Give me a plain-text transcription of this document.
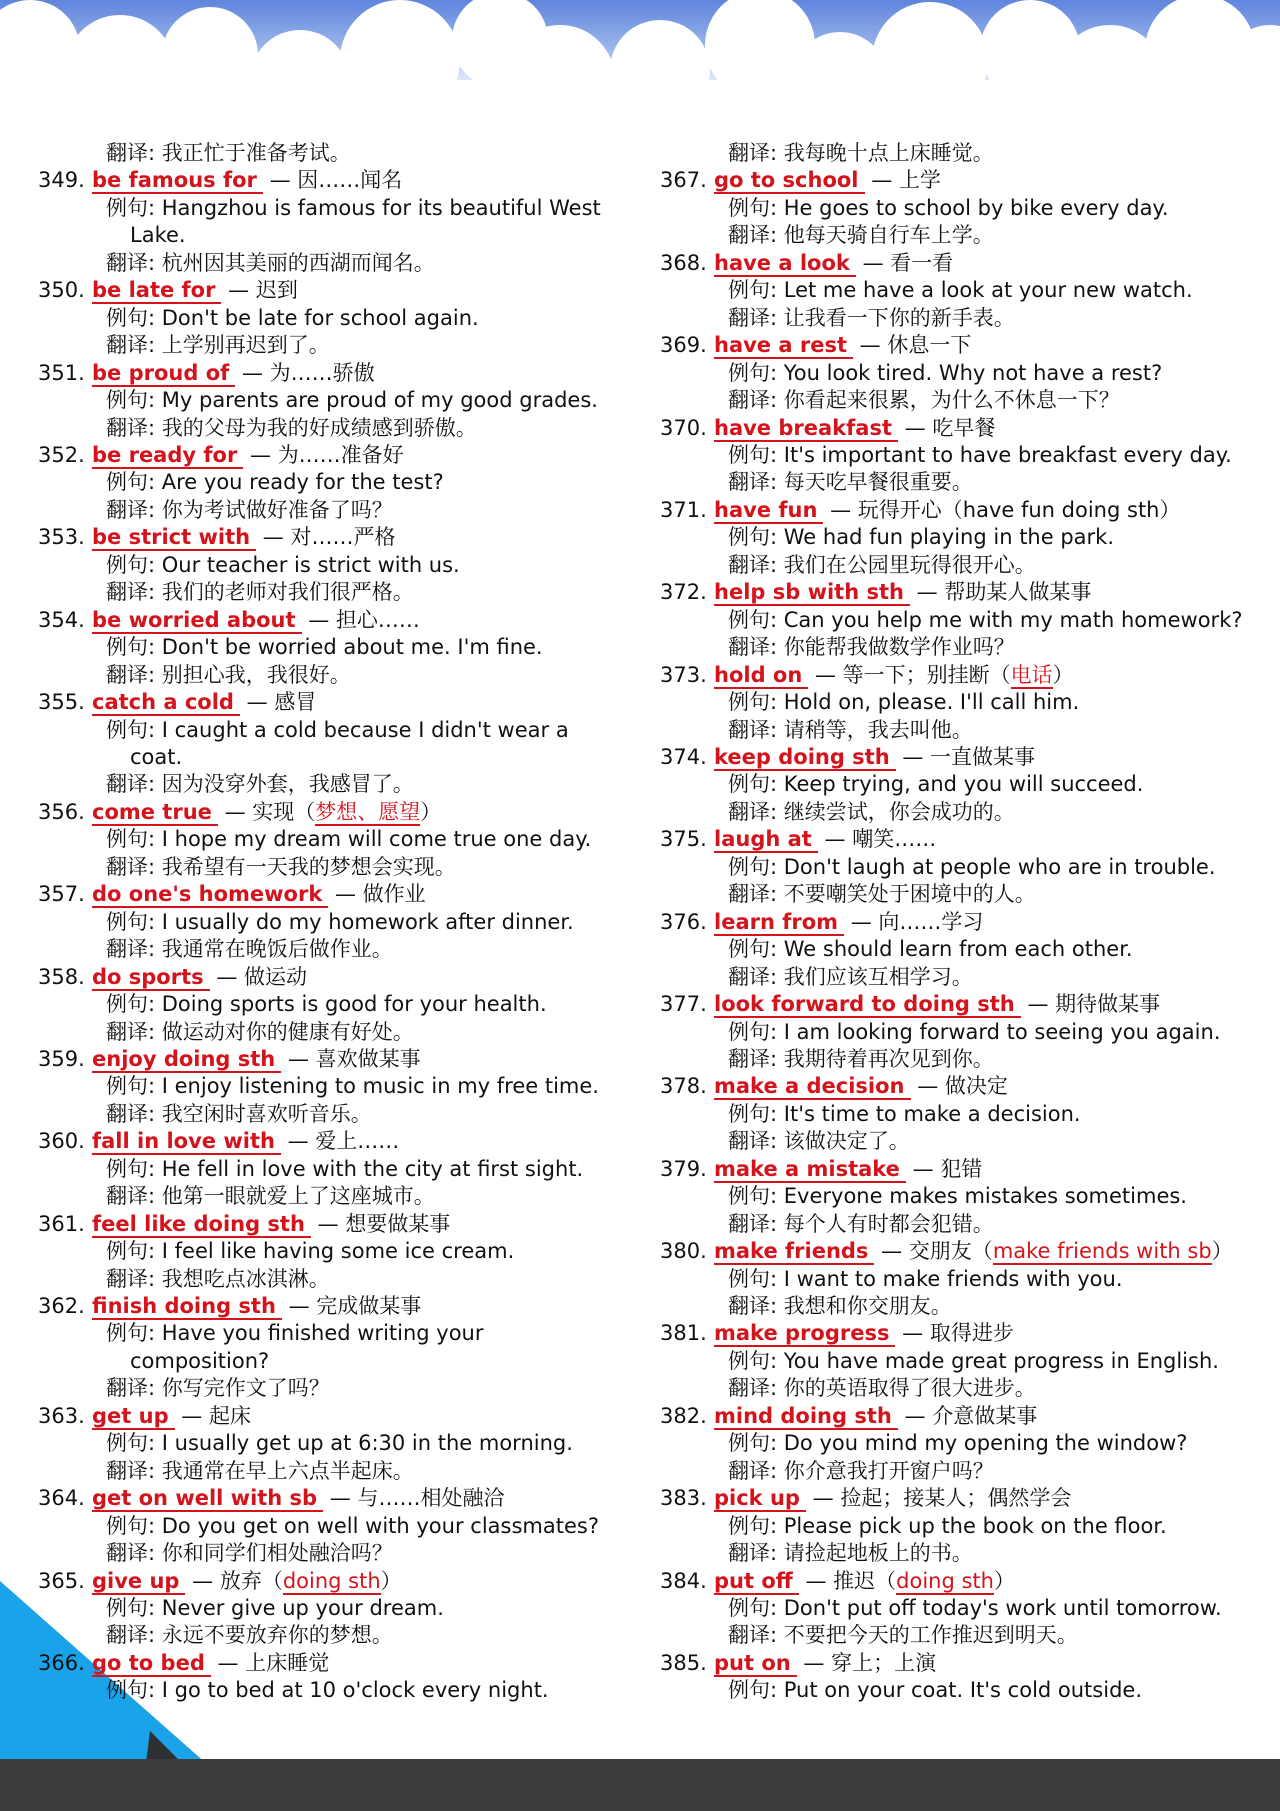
翻译: 我正忙于准备考试。
349. be famous for — 因……闻名
例句: Hangzhou is famous for its beautiful West
Lake.
翻译: 杭州因其美丽的西湖而闻名。
350. be late for — 迟到
例句: Don't be late for school again.
翻译: 上学别再迟到了。
351. be proud of — 为……骄傲
例句: My parents are proud of my good grades.
翻译: 我的父母为我的好成绩感到骄傲。
352. be ready for — 为……准备好
例句: Are you ready for the test?
翻译: 你为考试做好准备了吗？
353. be strict with — 对……严格
例句: Our teacher is strict with us.
翻译: 我们的老师对我们很严格。
354. be worried about — 担心……
例句: Don't be worried about me. I'm fine.
翻译: 别担心我，我很好。
355. catch a cold — 感冒
例句: I caught a cold because I didn't wear a
coat.
翻译: 因为没穿外套，我感冒了。
356. come true — 实现（梦想、愿望）
例句: I hope my dream will come true one day.
翻译: 我希望有一天我的梦想会实现。
357. do one's homework — 做作业
例句: I usually do my homework after dinner.
翻译: 我通常在晚饭后做作业。
358. do sports — 做运动
例句: Doing sports is good for your health.
翻译: 做运动对你的健康有好处。
359. enjoy doing sth — 喜欢做某事
例句: I enjoy listening to music in my free time.
翻译: 我空闲时喜欢听音乐。
360. fall in love with — 爱上……
例句: He fell in love with the city at first sight.
翻译: 他第一眼就爱上了这座城市。
361. feel like doing sth — 想要做某事
例句: I feel like having some ice cream.
翻译: 我想吃点冰淇淋。
362. finish doing sth — 完成做某事
例句: Have you finished writing your
composition?
翻译: 你写完作文了吗？
363. get up — 起床
例句: I usually get up at 6:30 in the morning.
翻译: 我通常在早上六点半起床。
364. get on well with sb — 与……相处融洽
例句: Do you get on well with your classmates?
翻译: 你和同学们相处融洽吗？
365. give up — 放弃（doing sth）
例句: Never give up your dream.
翻译: 永远不要放弃你的梦想。
366. go to bed — 上床睡觉
例句: I go to bed at 10 o'clock every night.
翻译: 我每晚十点上床睡觉。
367. go to school — 上学
例句: He goes to school by bike every day.
翻译: 他每天骑自行车上学。
368. have a look — 看一看
例句: Let me have a look at your new watch.
翻译: 让我看一下你的新手表。
369. have a rest — 休息一下
例句: You look tired. Why not have a rest?
翻译: 你看起来很累，为什么不休息一下？
370. have breakfast — 吃早餐
例句: It's important to have breakfast every day.
翻译: 每天吃早餐很重要。
371. have fun — 玩得开心（have fun doing sth）
例句: We had fun playing in the park.
翻译: 我们在公园里玩得很开心。
372. help sb with sth — 帮助某人做某事
例句: Can you help me with my math homework?
翻译: 你能帮我做数学作业吗？
373. hold on — 等一下；别挂断（电话）
例句: Hold on, please. I'll call him.
翻译: 请稍等，我去叫他。
374. keep doing sth — 一直做某事
例句: Keep trying, and you will succeed.
翻译: 继续尝试，你会成功的。
375. laugh at — 嘲笑……
例句: Don't laugh at people who are in trouble.
翻译: 不要嘲笑处于困境中的人。
376. learn from — 向……学习
例句: We should learn from each other.
翻译: 我们应该互相学习。
377. look forward to doing sth — 期待做某事
例句: I am looking forward to seeing you again.
翻译: 我期待着再次见到你。
378. make a decision — 做决定
例句: It's time to make a decision.
翻译: 该做决定了。
379. make a mistake — 犯错
例句: Everyone makes mistakes sometimes.
翻译: 每个人有时都会犯错。
380. make friends — 交朋友（make friends with sb）
例句: I want to make friends with you.
翻译: 我想和你交朋友。
381. make progress — 取得进步
例句: You have made great progress in English.
翻译: 你的英语取得了很大进步。
382. mind doing sth — 介意做某事
例句: Do you mind my opening the window?
翻译: 你介意我打开窗户吗？
383. pick up — 捡起；接某人；偶然学会
例句: Please pick up the book on the floor.
翻译: 请捡起地板上的书。
384. put off — 推迟（doing sth）
例句: Don't put off today's work until tomorrow.
翻译: 不要把今天的工作推迟到明天。
385. put on — 穿上；上演
例句: Put on your coat. It's cold outside.
